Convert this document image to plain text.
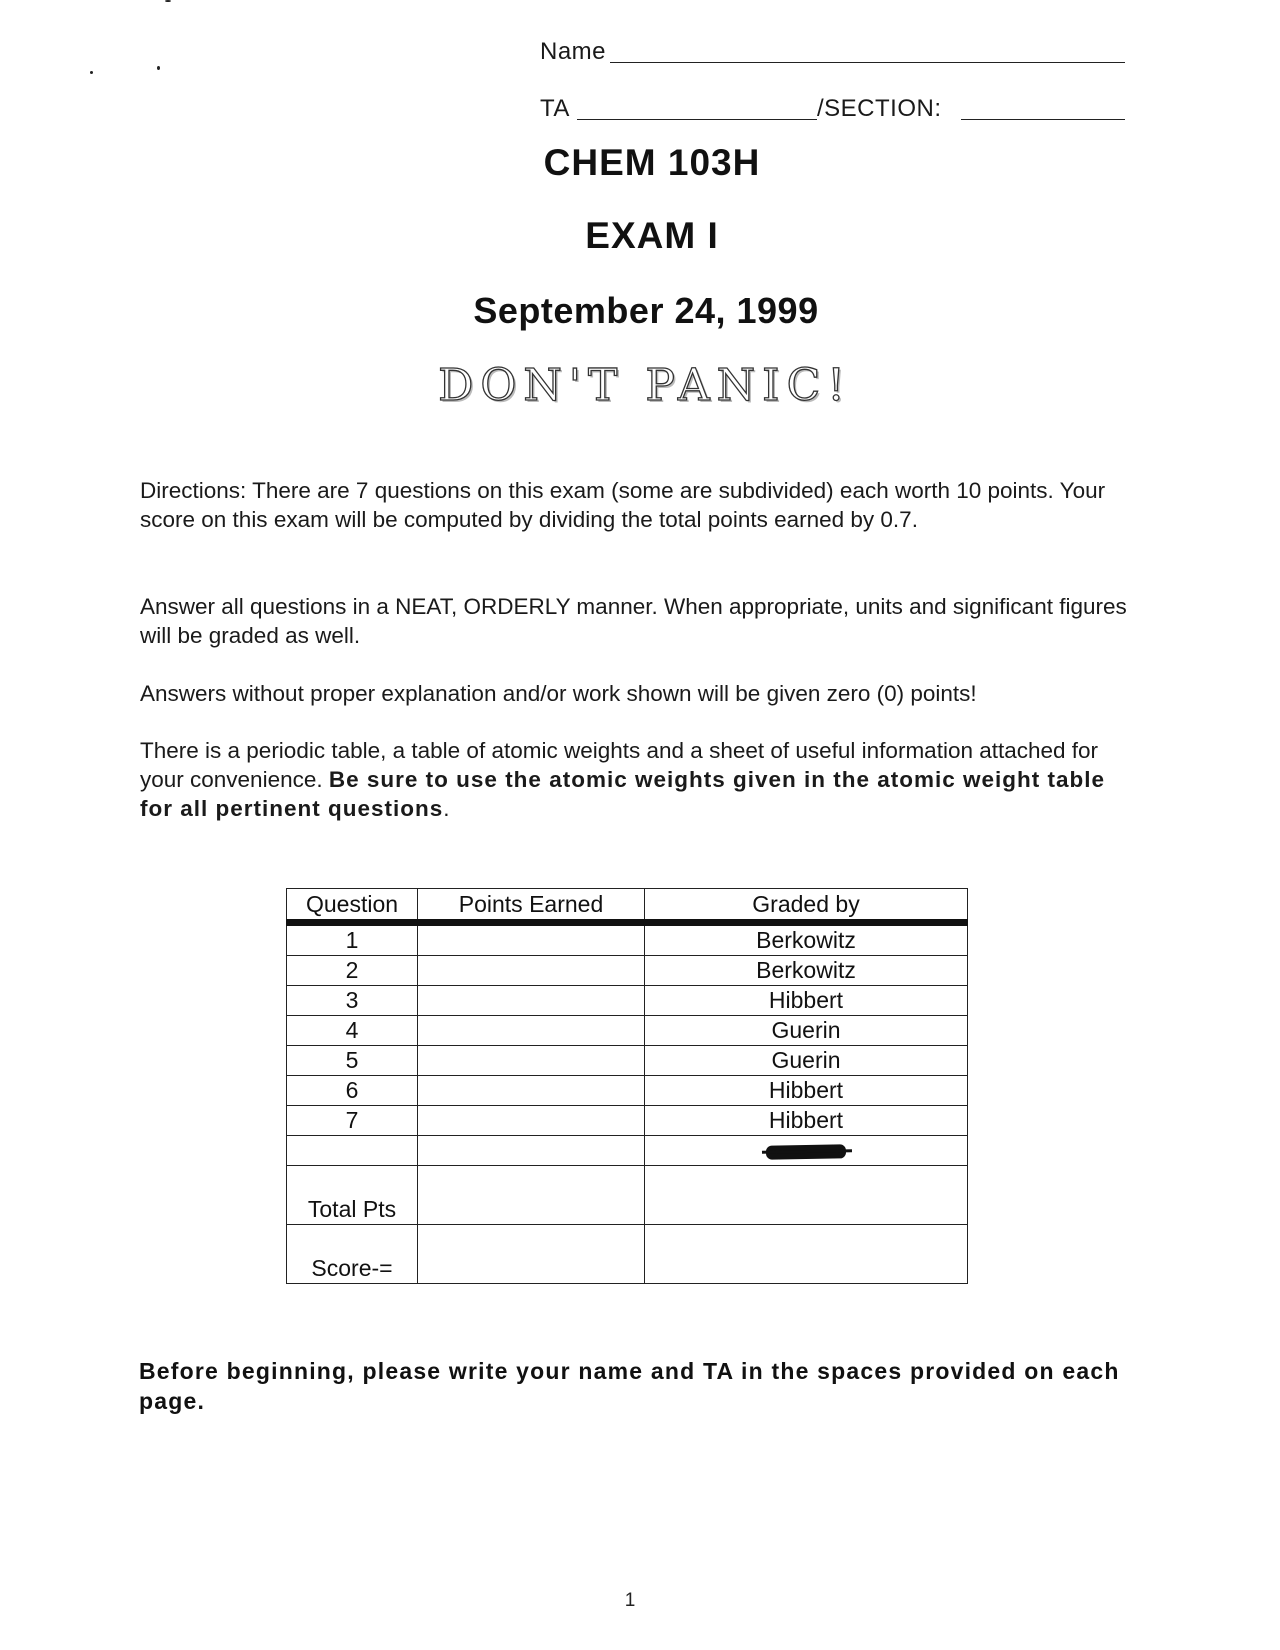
Name
TA	/SECTION:
CHEM 103H
EXAM I
September 24, 1999
DON'T PANIC!

Directions: There are 7 questions on this exam (some are subdivided) each worth 10 points. Your score on this exam will be computed by dividing the total points earned by 0.7.

Answer all questions in a NEAT, ORDERLY manner. When appropriate, units and significant figures will be graded as well.

Answers without proper explanation and/or work shown will be given zero (0) points!

There is a periodic table, a table of atomic weights and a sheet of useful information attached for your convenience. Be sure to use the atomic weights given in the atomic weight table for all pertinent questions.

Question	Points Earned	Graded by
1		Berkowitz
2		Berkowitz
3		Hibbert
4		Guerin
5		Guerin
6		Hibbert
7		Hibbert

Total Pts		
Score-=		

Before beginning, please write your name and TA in the spaces provided on each page.

1
